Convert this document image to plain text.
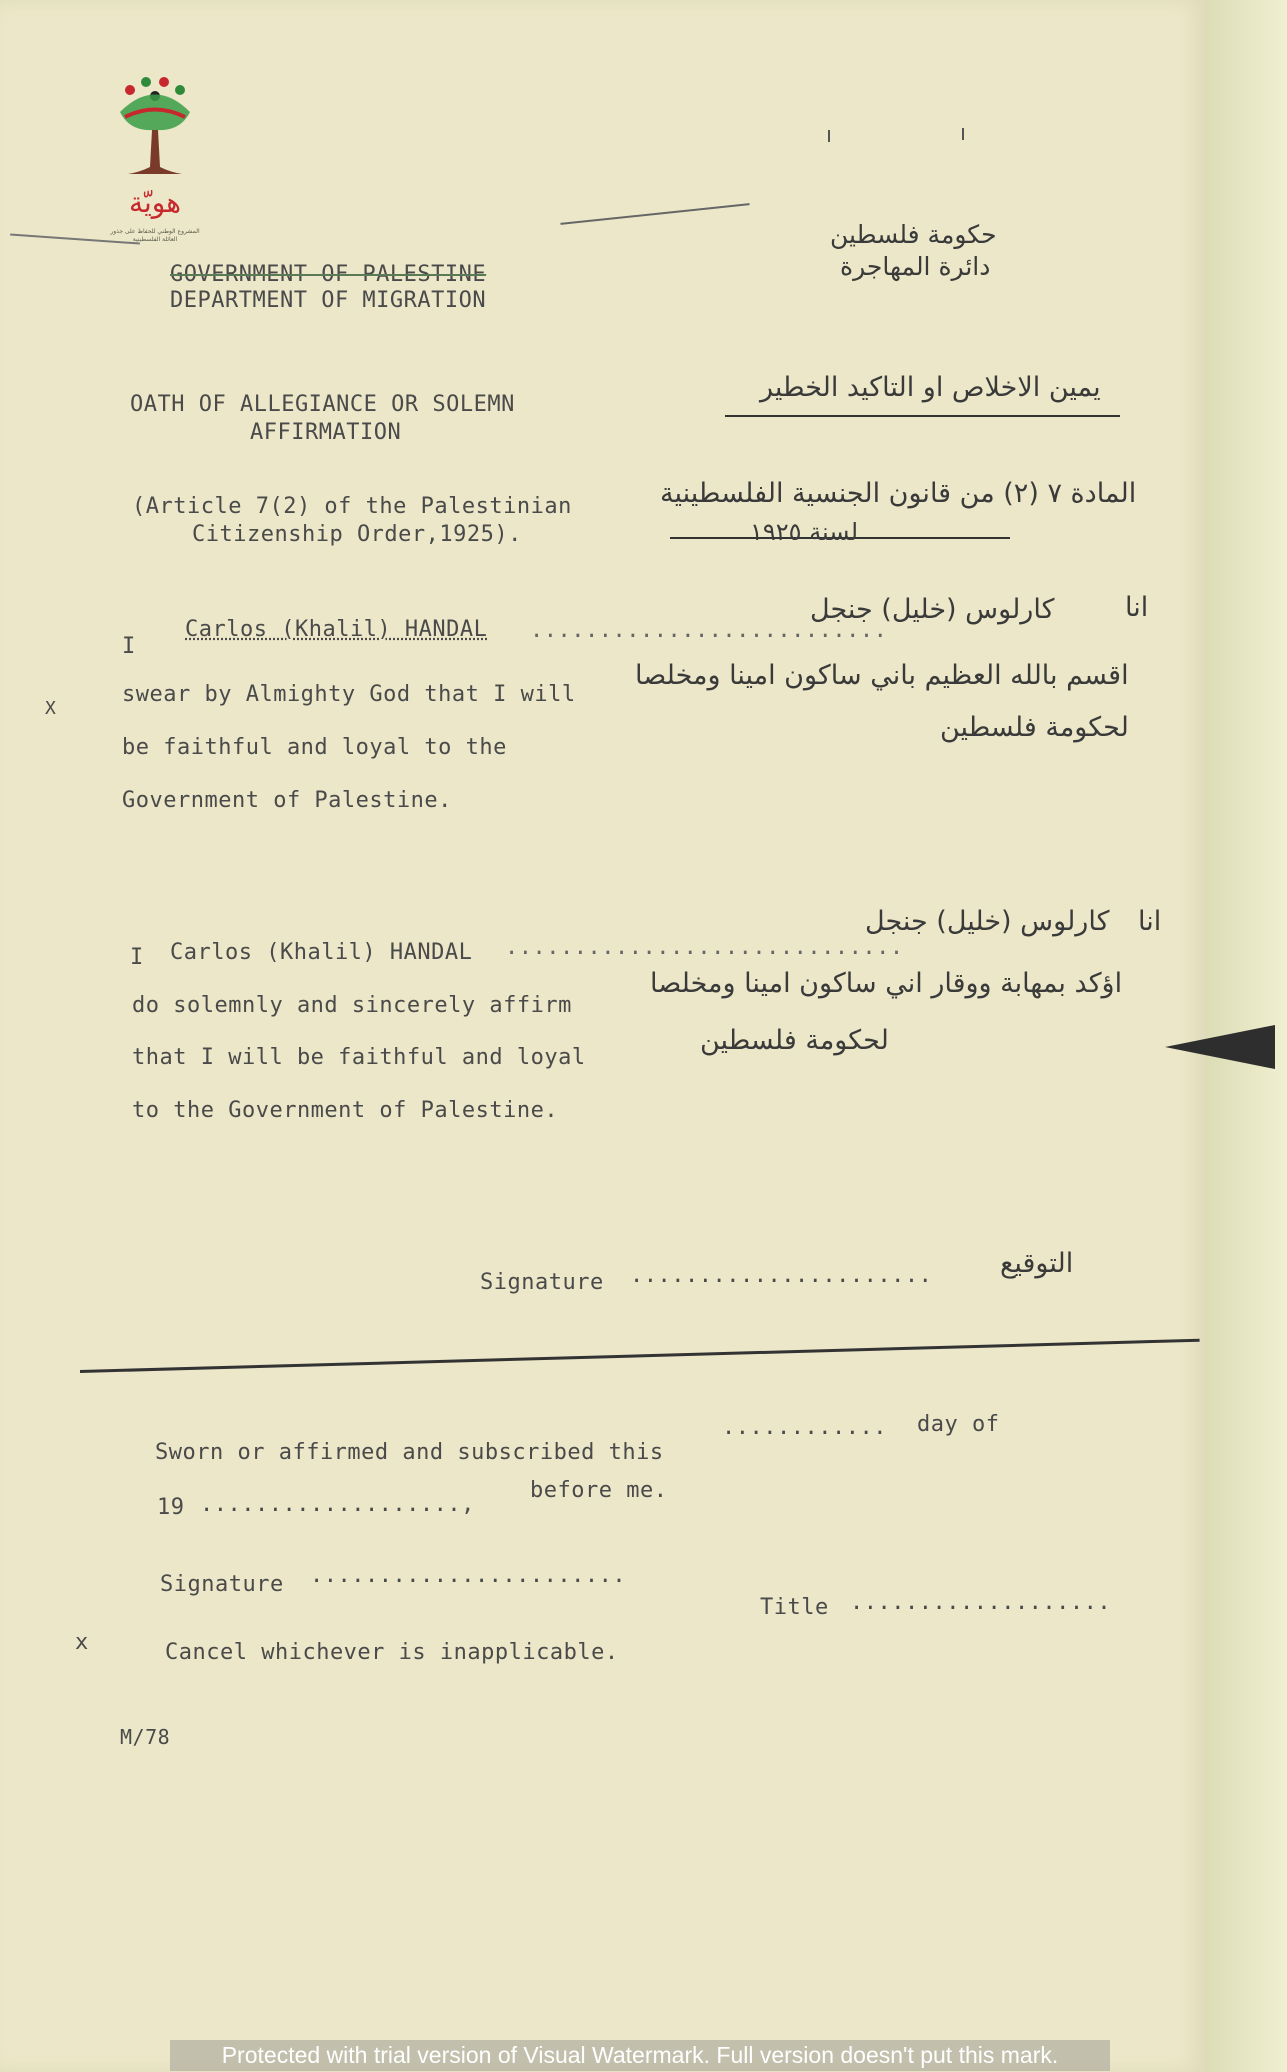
هويّة
المشروع الوطني للحفاظ على جذور العائلة الفلسطينية
GOVERNMENT OF PALESTINE
DEPARTMENT OF MIGRATION
حكومة فلسطين
دائرة المهاجرة
OATH OF ALLEGIANCE OR SOLEMN
AFFIRMATION
يمين الاخلاص او التاكيد الخطير
(Article 7(2) of the Palestinian
Citizenship Order,1925).
المادة ٧ (٢) من قانون الجنسية الفلسطينية
لسنة ١٩٢٥
I
Carlos (Khalil) HANDAL ..........................
كارلوس (خليل) جنجل	انا
X
swear by Almighty God that I will
be faithful and loyal to the
Government of Palestine.
اقسم بالله العظيم باني ساكون امينا ومخلصا
لحكومة فلسطين
I Carlos (Khalil) HANDAL .............................
كارلوس (خليل) جنجل انا
do solemnly and sincerely affirm
that I will be faithful and loyal
to the Government of Palestine.
اؤكد بمهابة ووقار اني ساكون امينا ومخلصا
لحكومة فلسطين
Signature ......................	التوقيع
Sworn or affirmed and subscribed this
............ day of
19 ...................,
before me.
Signature .......................
Title ...................
x	Cancel whichever is inapplicable.
M/78
Protected with trial version of Visual Watermark. Full version doesn't put this mark.
